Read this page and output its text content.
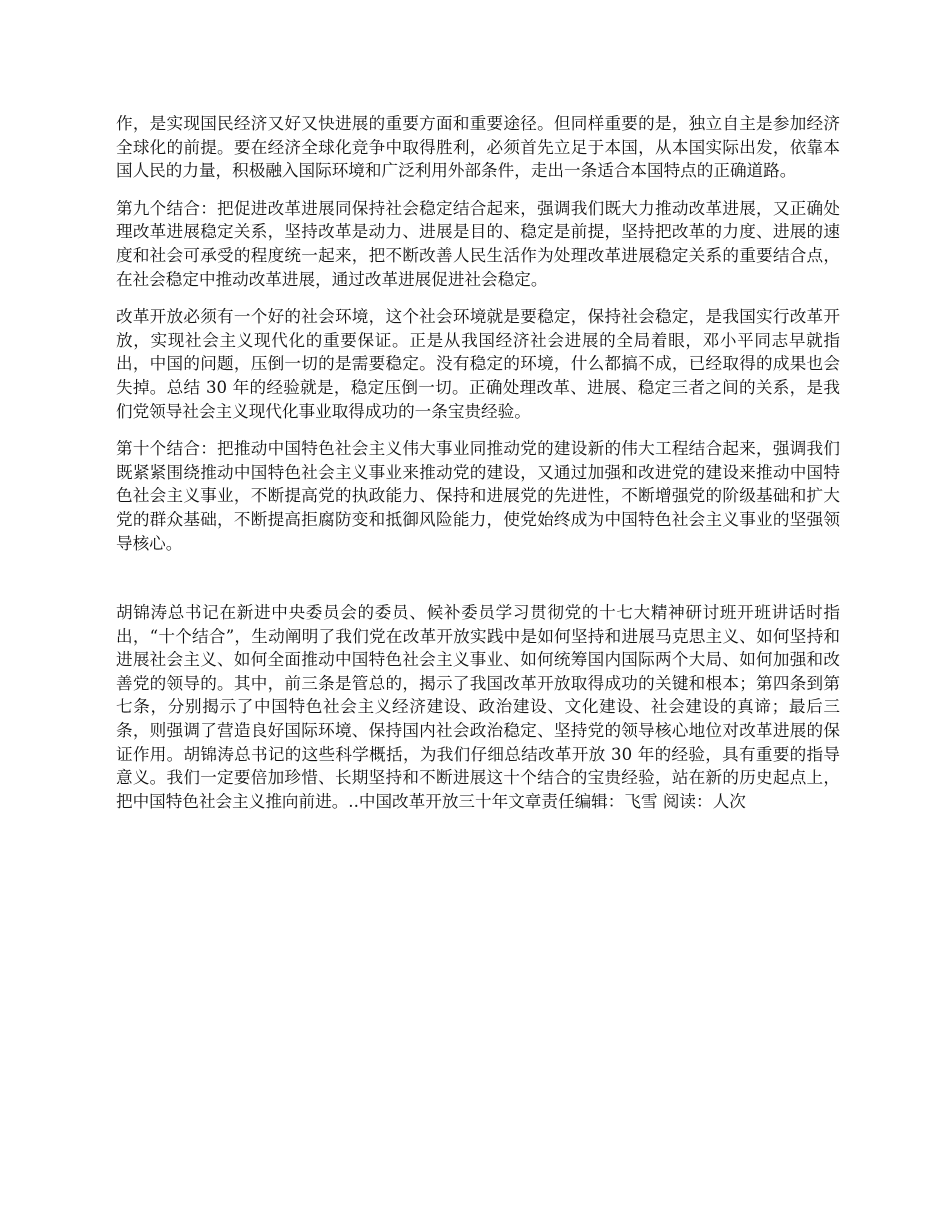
作，是实现国民经济又好又快进展的重要方面和重要途径。但同样重要的是，独立自主是参加经济全球化的前提。要在经济全球化竞争中取得胜利，必须首先立足于本国，从本国实际出发，依靠本国人民的力量，积极融入国际环境和广泛利用外部条件，走出一条适合本国特点的正确道路。

第九个结合：把促进改革进展同保持社会稳定结合起来，强调我们既大力推动改革进展，又正确处理改革进展稳定关系，坚持改革是动力、进展是目的、稳定是前提，坚持把改革的力度、进展的速度和社会可承受的程度统一起来，把不断改善人民生活作为处理改革进展稳定关系的重要结合点，在社会稳定中推动改革进展，通过改革进展促进社会稳定。

改革开放必须有一个好的社会环境，这个社会环境就是要稳定，保持社会稳定，是我国实行改革开放，实现社会主义现代化的重要保证。正是从我国经济社会进展的全局着眼，邓小平同志早就指出，中国的问题，压倒一切的是需要稳定。没有稳定的环境，什么都搞不成，已经取得的成果也会失掉。总结 30 年的经验就是，稳定压倒一切。正确处理改革、进展、稳定三者之间的关系，是我们党领导社会主义现代化事业取得成功的一条宝贵经验。

第十个结合：把推动中国特色社会主义伟大事业同推动党的建设新的伟大工程结合起来，强调我们既紧紧围绕推动中国特色社会主义事业来推动党的建设，又通过加强和改进党的建设来推动中国特色社会主义事业，不断提高党的执政能力、保持和进展党的先进性，不断增强党的阶级基础和扩大党的群众基础，不断提高拒腐防变和抵御风险能力，使党始终成为中国特色社会主义事业的坚强领导核心。

胡锦涛总书记在新进中央委员会的委员、候补委员学习贯彻党的十七大精神研讨班开班讲话时指出，“十个结合”，生动阐明了我们党在改革开放实践中是如何坚持和进展马克思主义、如何坚持和进展社会主义、如何全面推动中国特色社会主义事业、如何统筹国内国际两个大局、如何加强和改善党的领导的。其中，前三条是管总的，揭示了我国改革开放取得成功的关键和根本；第四条到第七条，分别揭示了中国特色社会主义经济建设、政治建设、文化建设、社会建设的真谛；最后三条，则强调了营造良好国际环境、保持国内社会政治稳定、坚持党的领导核心地位对改革进展的保证作用。胡锦涛总书记的这些科学概括，为我们仔细总结改革开放 30 年的经验，具有重要的指导意义。我们一定要倍加珍惜、长期坚持和不断进展这十个结合的宝贵经验，站在新的历史起点上，把中国特色社会主义推向前进。..中国改革开放三十年文章责任编辑：飞雪 阅读：人次
